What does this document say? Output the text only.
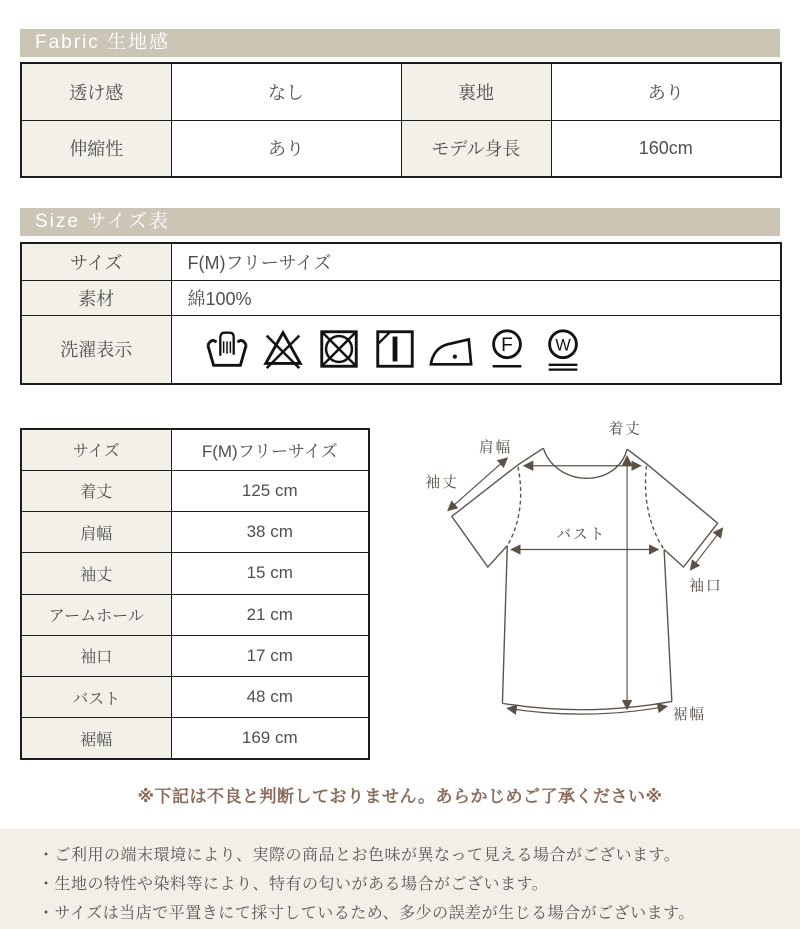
Fabric 生地感
透け感	なし	裏地	あり
伸縮性	あり	モデル身長	160cm
Size サイズ表
サイズ	F(M)フリーサイズ
素材	綿100%
洗濯表示	F W
サイズ	F(M)フリーサイズ
着丈	125 cm
肩幅	38 cm
袖丈	15 cm
アームホール	21 cm
袖口	17 cm
バスト	48 cm
裾幅	169 cm
着丈
肩幅
袖丈
バスト
袖口
裾幅
※下記は不良と判断しておりません。あらかじめご了承ください※

・ご利用の端末環境により、実際の商品とお色味が異なって見える場合がございます。

・生地の特性や染料等により、特有の匂いがある場合がございます。

・サイズは当店で平置きにて採寸しているため、多少の誤差が生じる場合がございます。
